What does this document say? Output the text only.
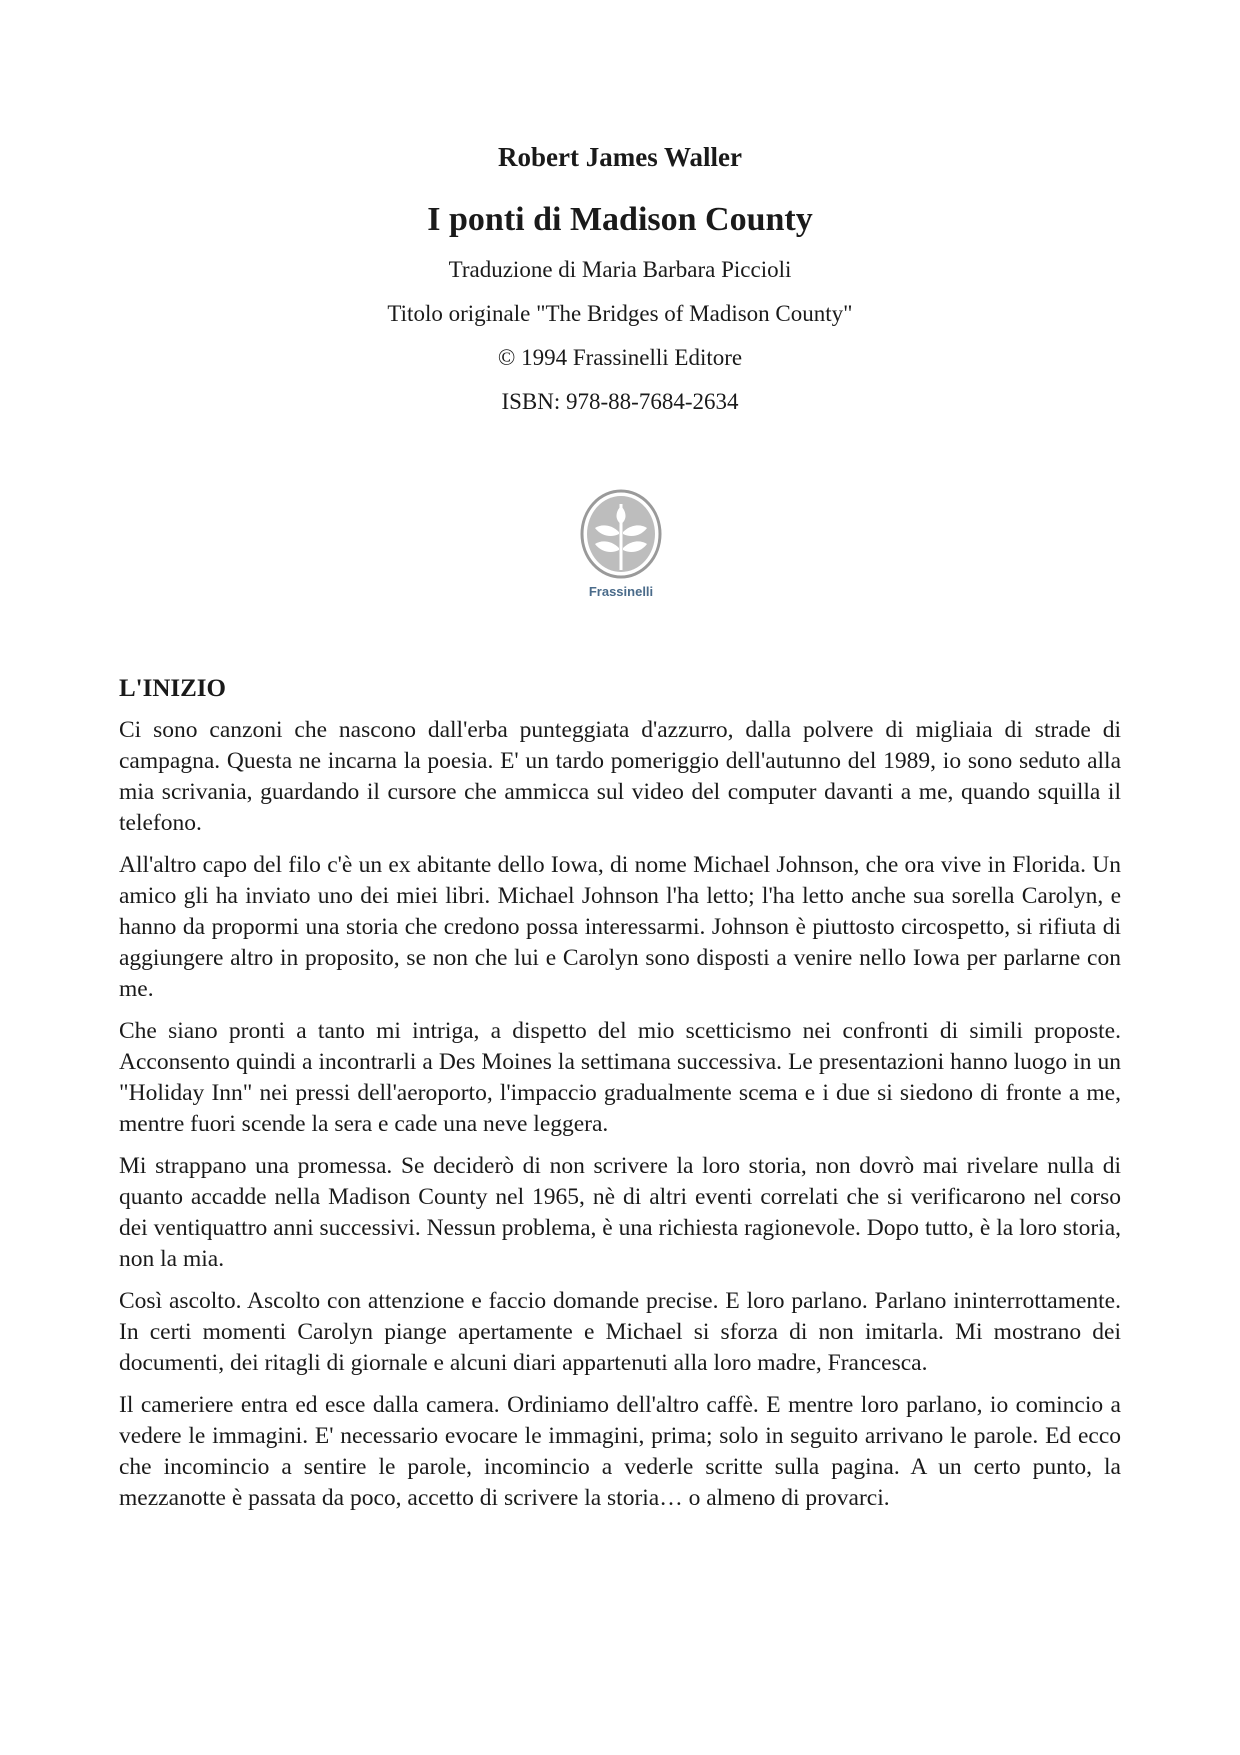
Robert James Waller

I ponti di Madison County

Traduzione di Maria Barbara Piccioli

Titolo originale "The Bridges of Madison County"

© 1994 Frassinelli Editore

ISBN: 978-88-7684-2634

Frassinelli

L'INIZIO

Ci sono canzoni che nascono dall'erba punteggiata d'azzurro, dalla polvere di migliaia di strade di campagna. Questa ne incarna la poesia. E' un tardo pomeriggio dell'autunno del 1989, io sono seduto alla mia scrivania, guardando il cursore che ammicca sul video del computer davanti a me, quando squilla il telefono.

All'altro capo del filo c'è un ex abitante dello Iowa, di nome Michael Johnson, che ora vive in Florida. Un amico gli ha inviato uno dei miei libri. Michael Johnson l'ha letto; l'ha letto anche sua sorella Carolyn, e hanno da propormi una storia che credono possa interessarmi. Johnson è piuttosto circospetto, si rifiuta di aggiungere altro in proposito, se non che lui e Carolyn sono disposti a venire nello Iowa per parlarne con me.

Che siano pronti a tanto mi intriga, a dispetto del mio scetticismo nei confronti di simili proposte. Acconsento quindi a incontrarli a Des Moines la settimana successiva. Le presentazioni hanno luogo in un "Holiday Inn" nei pressi dell'aeroporto, l'impaccio gradualmente scema e i due si siedono di fronte a me, mentre fuori scende la sera e cade una neve leggera.

Mi strappano una promessa. Se deciderò di non scrivere la loro storia, non dovrò mai rivelare nulla di quanto accadde nella Madison County nel 1965, nè di altri eventi correlati che si verificarono nel corso dei ventiquattro anni successivi. Nessun problema, è una richiesta ragionevole. Dopo tutto, è la loro storia, non la mia.

Così ascolto. Ascolto con attenzione e faccio domande precise. E loro parlano. Parlano ininterrottamente. In certi momenti Carolyn piange apertamente e Michael si sforza di non imitarla. Mi mostrano dei documenti, dei ritagli di giornale e alcuni diari appartenuti alla loro madre, Francesca.

Il cameriere entra ed esce dalla camera. Ordiniamo dell'altro caffè. E mentre loro parlano, io comincio a vedere le immagini. E' necessario evocare le immagini, prima; solo in seguito arrivano le parole. Ed ecco che incomincio a sentire le parole, incomincio a vederle scritte sulla pagina. A un certo punto, la mezzanotte è passata da poco, accetto di scrivere la storia… o almeno di provarci.
